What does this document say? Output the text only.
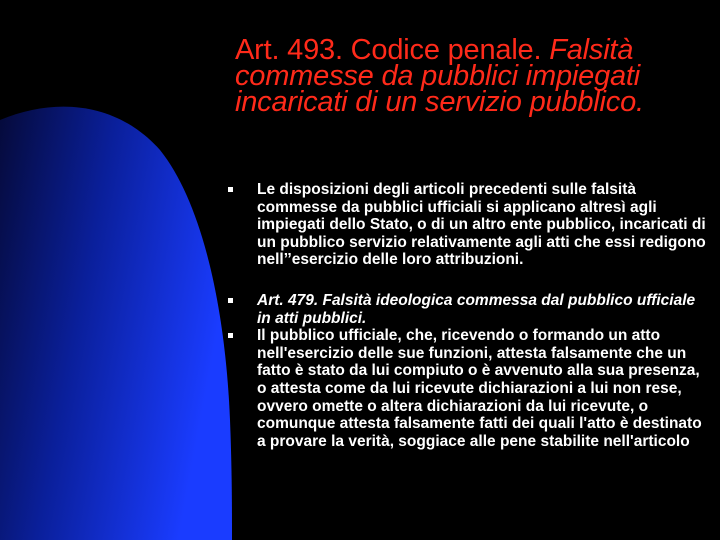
Art. 493. Codice penale. Falsità commesse da pubblici impiegati incaricati di un servizio pubblico.
Le disposizioni degli articoli precedenti sulle falsità commesse da pubblici ufficiali si applicano altresì agli impiegati dello Stato, o di un altro ente pubblico, incaricati di un pubblico servizio relativamente agli atti che essi redigono nell’’esercizio delle loro attribuzioni.
Art. 479. Falsità ideologica commessa dal pubblico ufficiale in atti pubblici.
Il pubblico ufficiale, che, ricevendo o formando un atto nell'esercizio delle sue funzioni, attesta falsamente che un fatto è stato da lui compiuto o è avvenuto alla sua presenza, o attesta come da lui ricevute dichiarazioni a lui non rese, ovvero omette o altera dichiarazioni da lui ricevute, o comunque attesta falsamente fatti dei quali l'atto è destinato a provare la verità, soggiace alle pene stabilite nell'articolo
